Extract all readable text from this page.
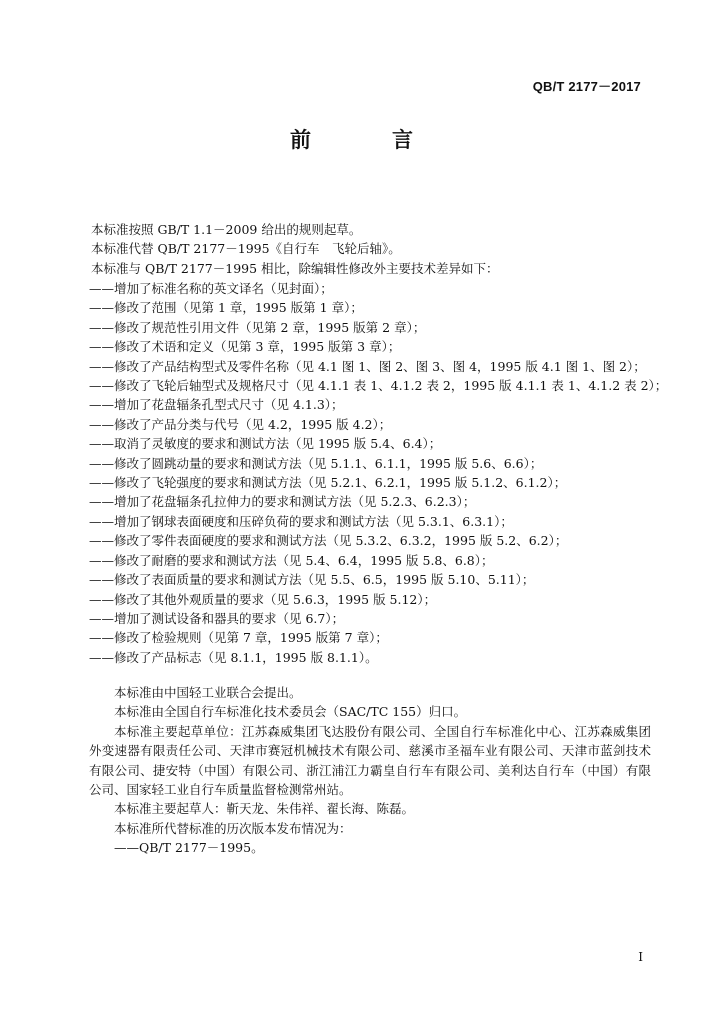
QB/T 2177－2017
前　言
本标准按照 GB/T 1.1－2009 给出的规则起草。
本标准代替 QB/T 2177－1995《自行车　飞轮后轴》。
本标准与 QB/T 2177－1995 相比，除编辑性修改外主要技术差异如下：
——增加了标准名称的英文译名（见封面）；
——修改了范围（见第 1 章，1995 版第 1 章）；
——修改了规范性引用文件（见第 2 章，1995 版第 2 章）；
——修改了术语和定义（见第 3 章，1995 版第 3 章）；
——修改了产品结构型式及零件名称（见 4.1 图 1、图 2、图 3、图 4，1995 版 4.1 图 1、图 2）；
——修改了飞轮后轴型式及规格尺寸（见 4.1.1 表 1、4.1.2 表 2，1995 版 4.1.1 表 1、4.1.2 表 2）；
——增加了花盘辐条孔型式尺寸（见 4.1.3）；
——修改了产品分类与代号（见 4.2，1995 版 4.2）；
——取消了灵敏度的要求和测试方法（见 1995 版 5.4、6.4）；
——修改了圆跳动量的要求和测试方法（见 5.1.1、6.1.1，1995 版 5.6、6.6）；
——修改了飞轮强度的要求和测试方法（见 5.2.1、6.2.1，1995 版 5.1.2、6.1.2）；
——增加了花盘辐条孔拉伸力的要求和测试方法（见 5.2.3、6.2.3）；
——增加了钢球表面硬度和压碎负荷的要求和测试方法（见 5.3.1、6.3.1）；
——修改了零件表面硬度的要求和测试方法（见 5.3.2、6.3.2，1995 版 5.2、6.2）；
——修改了耐磨的要求和测试方法（见 5.4、6.4，1995 版 5.8、6.8）；
——修改了表面质量的要求和测试方法（见 5.5、6.5，1995 版 5.10、5.11）；
——修改了其他外观质量的要求（见 5.6.3，1995 版 5.12）；
——增加了测试设备和器具的要求（见 6.7）；
——修改了检验规则（见第 7 章，1995 版第 7 章）；
——修改了产品标志（见 8.1.1，1995 版 8.1.1）。
本标准由中国轻工业联合会提出。
本标准由全国自行车标准化技术委员会（SAC/TC 155）归口。
本标准主要起草单位：江苏森威集团飞达股份有限公司、全国自行车标准化中心、江苏森威集团外变速器有限责任公司、天津市赛冠机械技术有限公司、慈溪市圣福车业有限公司、天津市蓝剑技术有限公司、捷安特（中国）有限公司、浙江浦江力霸皇自行车有限公司、美利达自行车（中国）有限公司、国家轻工业自行车质量监督检测常州站。
本标准主要起草人：靳天龙、朱伟祥、翟长海、陈磊。
本标准所代替标准的历次版本发布情况为：
——QB/T 2177－1995。
I
